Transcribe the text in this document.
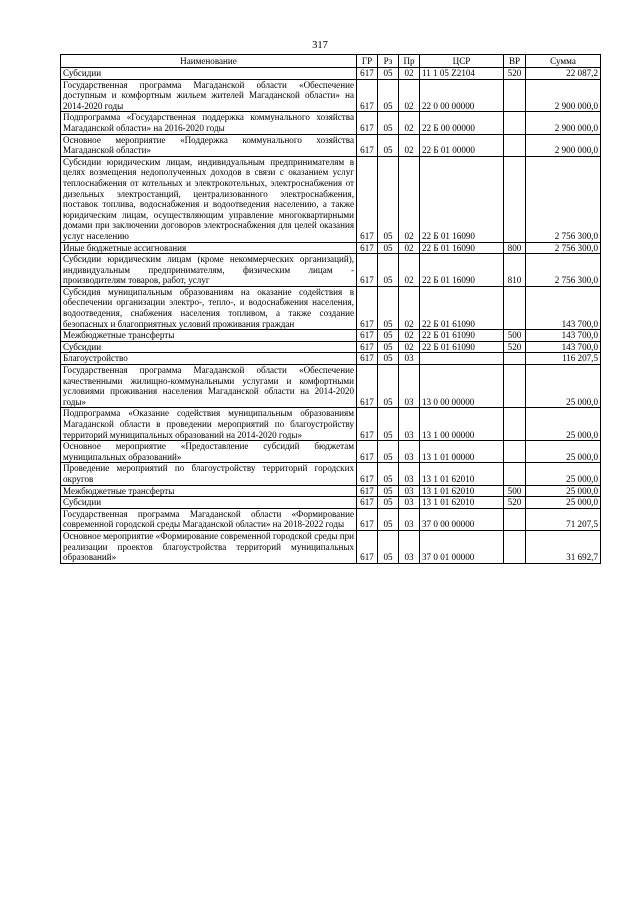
317
Наименование	ГР	Рз	Пр	ЦСР	ВР	Сумма
Субсидии	617	05	02	11 1 05 Z2104	520	22 087,2
Государственная программа Магаданской области «Обеспечение доступным и комфортным жильем жителей Магаданской области» на 2014-2020 годы	617	05	02	22 0 00 00000		2 900 000,0
Подпрограмма «Государственная поддержка коммунального хозяйства Магаданской области» на 2016-2020 годы	617	05	02	22 Б 00 00000		2 900 000,0
Основное мероприятие «Поддержка коммунального хозяйства Магаданской области»	617	05	02	22 Б 01 00000		2 900 000,0
Субсидии юридическим лицам, индивидуальным предпринимателям в целях возмещения недополученных доходов в связи с оказанием услуг теплоснабжения от котельных и электрокотельных, электроснабжения от дизельных электростанций, централизованного электроснабжения, поставок топлива, водоснабжения и водоотведения населению, а также юридическим лицам, осуществляющим управление многоквартирными домами при заключении договоров электроснабжения для целей оказания услуг населению	617	05	02	22 Б 01 16090		2 756 300,0
Иные бюджетные ассигнования	617	05	02	22 Б 01 16090	800	2 756 300,0
Субсидии юридическим лицам (кроме некоммерческих организаций), индивидуальным предпринимателям, физическим лицам - производителям товаров, работ, услуг	617	05	02	22 Б 01 16090	810	2 756 300,0
Субсидия муниципальным образованиям на оказание содействия в обеспечении организации электро-, тепло-, и водоснабжения населения, водоотведения, снабжения населения топливом, а также создание безопасных и благоприятных условий проживания граждан	617	05	02	22 Б 01 61090		143 700,0
Межбюджетные трансферты	617	05	02	22 Б 01 61090	500	143 700,0
Субсидии	617	05	02	22 Б 01 61090	520	143 700,0
Благоустройство	617	05	03			116 207,5
Государственная программа Магаданской области «Обеспечение качественными жилищно-коммунальными услугами и комфортными условиями проживания населения Магаданской области на 2014-2020 годы»	617	05	03	13 0 00 00000		25 000,0
Подпрограмма «Оказание содействия муниципальным образованиям Магаданской области в проведении мероприятий по благоустройству территорий муниципальных образований на 2014-2020 годы»	617	05	03	13 1 00 00000		25 000,0
Основное мероприятие «Предоставление субсидий бюджетам муниципальных образований»	617	05	03	13 1 01 00000		25 000,0
Проведение мероприятий по благоустройству территорий городских округов	617	05	03	13 1 01 62010		25 000,0
Межбюджетные трансферты	617	05	03	13 1 01 62010	500	25 000,0
Субсидии	617	05	03	13 1 01 62010	520	25 000,0
Государственная программа Магаданской области «Формирование современной городской среды Магаданской области» на 2018-2022 годы	617	05	03	37 0 00 00000		71 207,5
Основное мероприятие «Формирование современной городской среды при реализации проектов благоустройства территорий муниципальных образований»	617	05	03	37 0 01 00000		31 692,7
